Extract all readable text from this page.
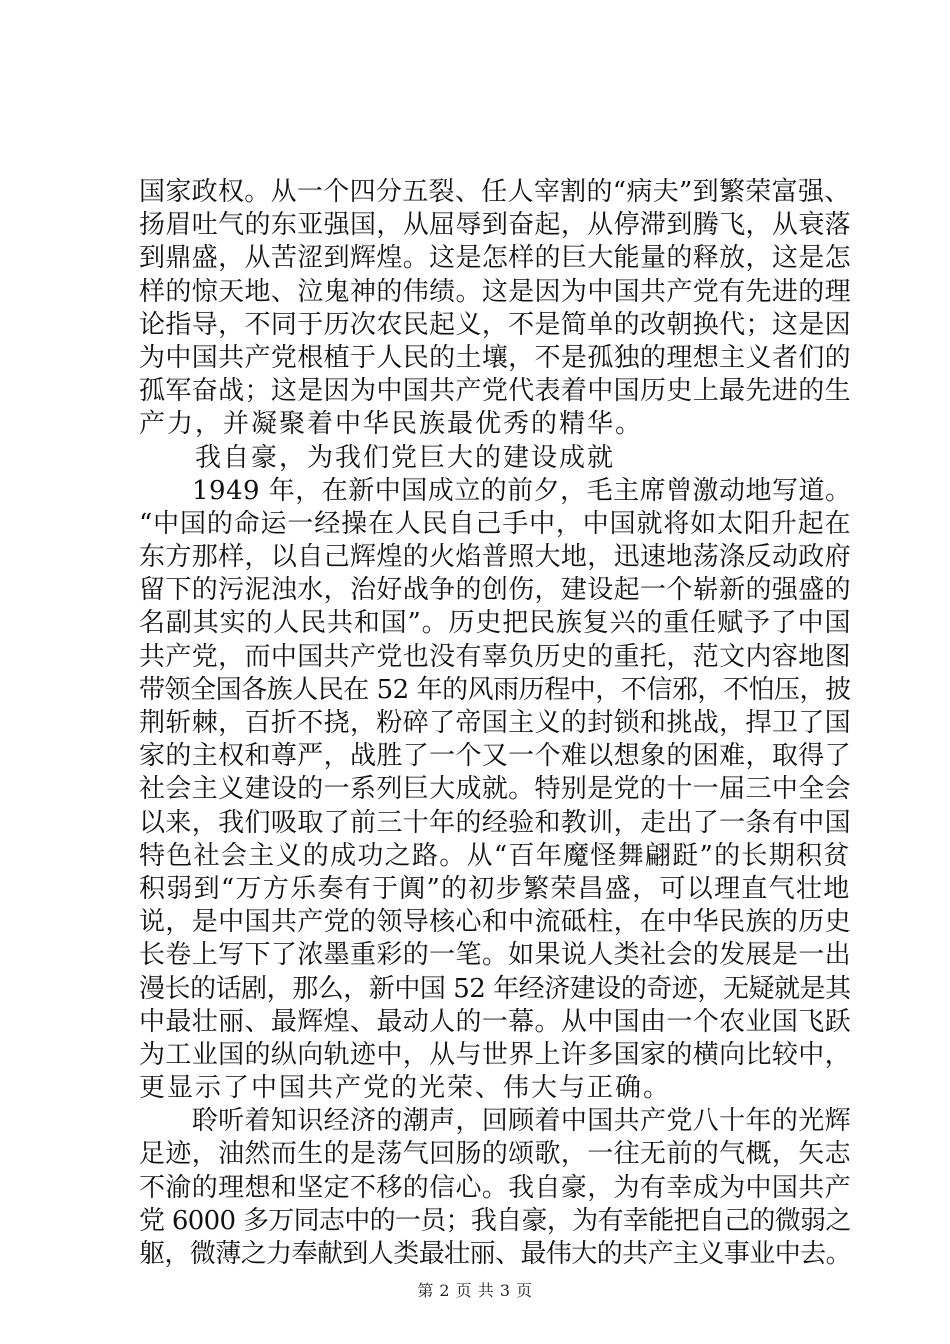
国家政权。从一个四分五裂、任人宰割的“病夫”到繁荣富强、
扬眉吐气的东亚强国，从屈辱到奋起，从停滞到腾飞，从衰落
到鼎盛，从苦涩到辉煌。这是怎样的巨大能量的释放，这是怎
样的惊天地、泣鬼神的伟绩。这是因为中国共产党有先进的理
论指导，不同于历次农民起义，不是简单的改朝换代；这是因
为中国共产党根植于人民的土壤，不是孤独的理想主义者们的
孤军奋战；这是因为中国共产党代表着中国历史上最先进的生
产力，并凝聚着中华民族最优秀的精华。
　　我自豪，为我们党巨大的建设成就
　　1949 年，在新中国成立的前夕，毛主席曾激动地写道。
“中国的命运一经操在人民自己手中，中国就将如太阳升起在
东方那样，以自己辉煌的火焰普照大地，迅速地荡涤反动政府
留下的污泥浊水，治好战争的创伤，建设起一个崭新的强盛的
名副其实的人民共和国”。历史把民族复兴的重任赋予了中国
共产党，而中国共产党也没有辜负历史的重托，范文内容地图
带领全国各族人民在 52 年的风雨历程中，不信邪，不怕压，披
荆斩棘，百折不挠，粉碎了帝国主义的封锁和挑战，捍卫了国
家的主权和尊严，战胜了一个又一个难以想象的困难，取得了
社会主义建设的一系列巨大成就。特别是党的十一届三中全会
以来，我们吸取了前三十年的经验和教训，走出了一条有中国
特色社会主义的成功之路。从“百年魔怪舞翩跹”的长期积贫
积弱到“万方乐奏有于阗”的初步繁荣昌盛，可以理直气壮地
说，是中国共产党的领导核心和中流砥柱，在中华民族的历史
长卷上写下了浓墨重彩的一笔。如果说人类社会的发展是一出
漫长的话剧，那么，新中国 52 年经济建设的奇迹，无疑就是其
中最壮丽、最辉煌、最动人的一幕。从中国由一个农业国飞跃
为工业国的纵向轨迹中，从与世界上许多国家的横向比较中，
更显示了中国共产党的光荣、伟大与正确。
　　聆听着知识经济的潮声，回顾着中国共产党八十年的光辉
足迹，油然而生的是荡气回肠的颂歌，一往无前的气概，矢志
不渝的理想和坚定不移的信心。我自豪，为有幸成为中国共产
党 6000 多万同志中的一员；我自豪，为有幸能把自己的微弱之
躯，微薄之力奉献到人类最壮丽、最伟大的共产主义事业中去。
第 2 页 共 3 页
